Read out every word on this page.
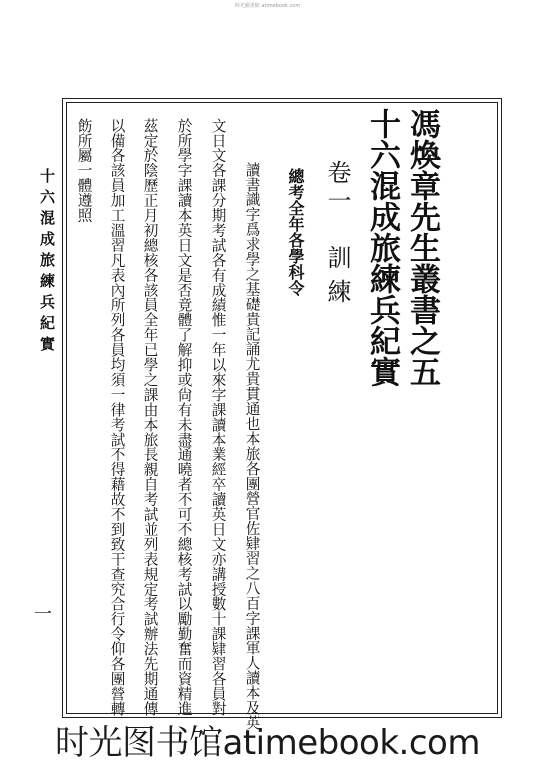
時光圖書館 atimebook.com
馮煥章先生叢書之五
十六混成旅練兵紀實
卷一
訓練
總考全年各學科令
讀書識字爲求學之基礎貴記誦尤貴貫通也本旅各團營官佐肄習之八百字課軍人讀本及英
文日文各課分期考試各有成績惟一年以來字課讀本業經卒讀英日文亦講授數十課肄習各員對
於所學字課讀本英日文是否竟體了解抑或尙有未盡通曉者不可不總核考試以勵勤奮而資精進
茲定於陰歷正月初總核各該員全年已學之課由本旅長親自考試並列表規定考試辦法先期通傳
以備各該員加工溫習凡表內所列各員均須一律考試不得藉故不到致干查究合行令仰各團營轉
飭所屬一體遵照
十六混成旅練兵紀實
一
时光图书馆atimebook.com
